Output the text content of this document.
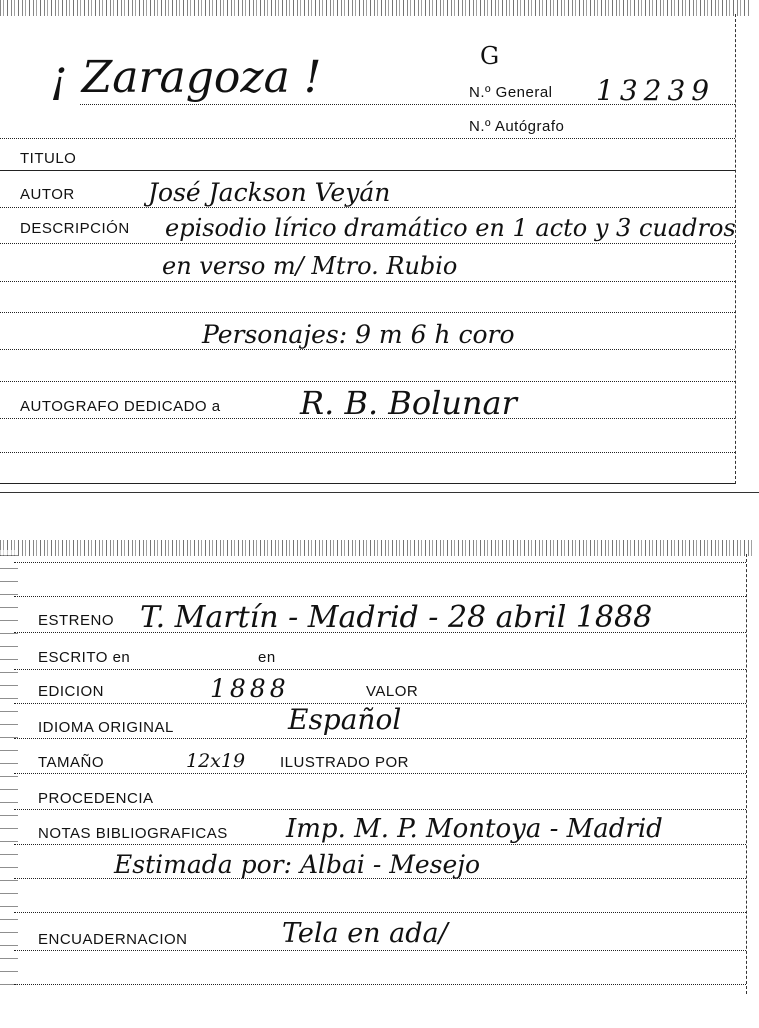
G
¡ Zaragoza !	N.º General 13239
N.º Autógrafo
TITULO
AUTOR	José Jackson Veyán
DESCRIPCIÓN episodio lírico dramático en 1 acto y 3 cuadros
en verso m/ Mtro. Rubio
Personajes: 9 m 6 h coro
AUTOGRAFO DEDICADO a R. B. Bolunar
ESTRENO T. Martín - Madrid - 28 abril 1888
ESCRITO en	en
EDICION	1888	VALOR
IDIOMA ORIGINAL	Español
TAMAÑO	12x19 ILUSTRADO POR
PROCEDENCIA
NOTAS BIBLIOGRAFICAS Imp. M. P. Montoya - Madrid
Estimada por: Albai - Mesejo
ENCUADERNACION	Tela en ada/
